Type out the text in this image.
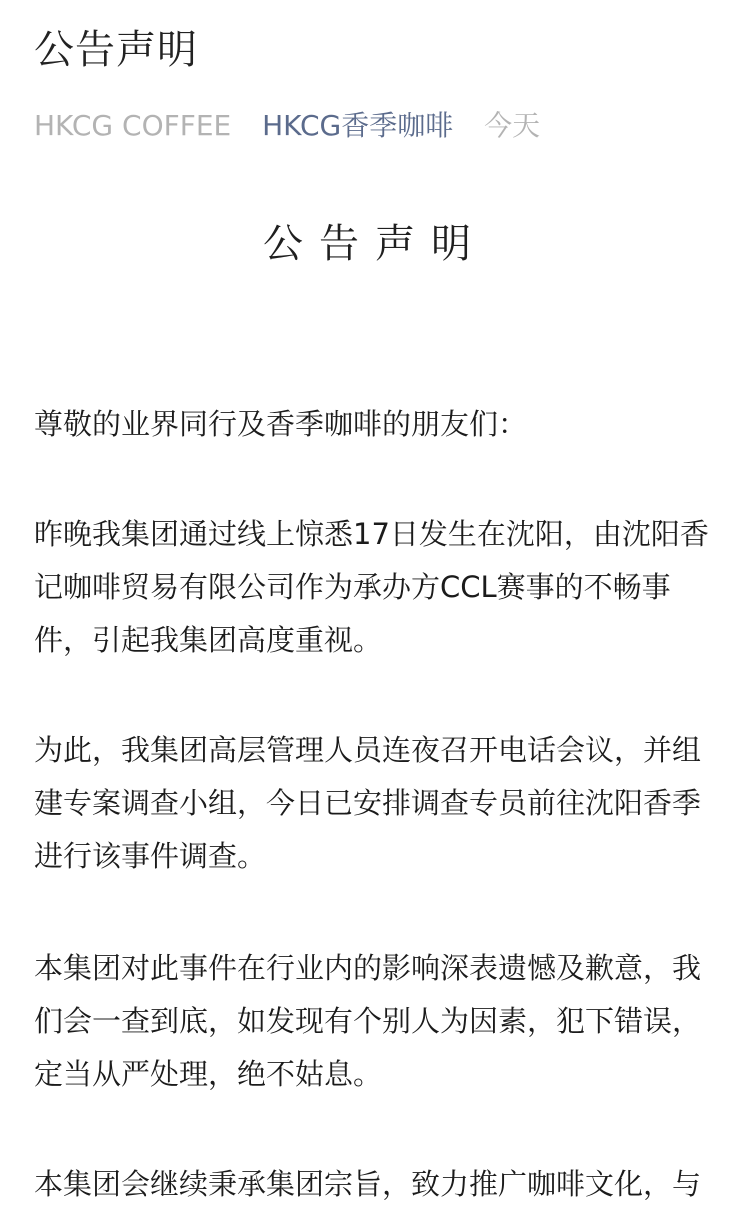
公告声明
HKCG COFFEE HKCG香季咖啡 今天
公告声明

尊敬的业界同行及香季咖啡的朋友们：

昨晚我集团通过线上惊悉17日发生在沈阳，由沈阳香
记咖啡贸易有限公司作为承办方CCL赛事的不畅事
件，引起我集团高度重视。

为此，我集团高层管理人员连夜召开电话会议，并组
建专案调查小组，今日已安排调查专员前往沈阳香季
进行该事件调查。

本集团对此事件在行业内的影响深表遗憾及歉意，我
们会一查到底，如发现有个别人为因素，犯下错误，
定当从严处理，绝不姑息。

本集团会继续秉承集团宗旨，致力推广咖啡文化，与
